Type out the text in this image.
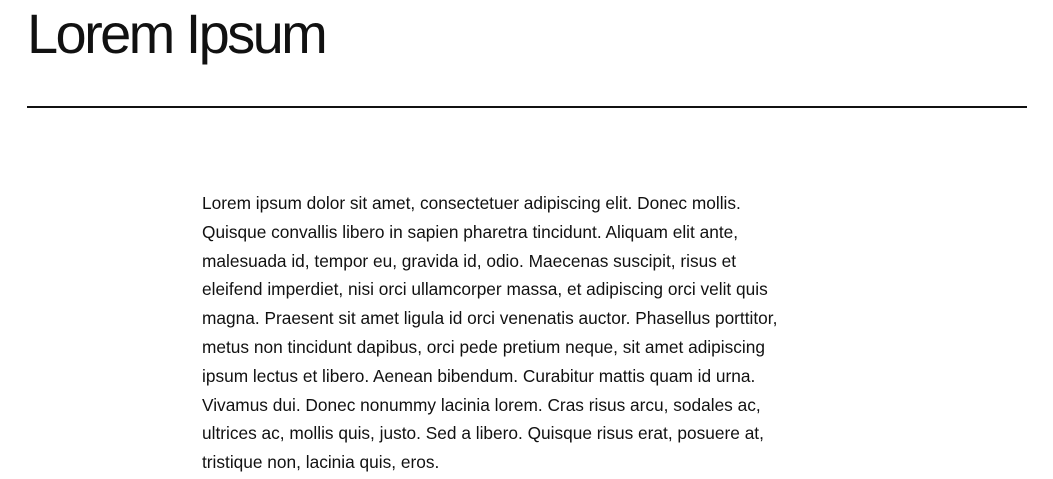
Lorem Ipsum

Lorem ipsum dolor sit amet, consectetuer adipiscing elit. Donec mollis.
Quisque convallis libero in sapien pharetra tincidunt. Aliquam elit ante,
malesuada id, tempor eu, gravida id, odio. Maecenas suscipit, risus et
eleifend imperdiet, nisi orci ullamcorper massa, et adipiscing orci velit quis
magna. Praesent sit amet ligula id orci venenatis auctor. Phasellus porttitor,
metus non tincidunt dapibus, orci pede pretium neque, sit amet adipiscing
ipsum lectus et libero. Aenean bibendum. Curabitur mattis quam id urna.
Vivamus dui. Donec nonummy lacinia lorem. Cras risus arcu, sodales ac,
ultrices ac, mollis quis, justo. Sed a libero. Quisque risus erat, posuere at,
tristique non, lacinia quis, eros.
